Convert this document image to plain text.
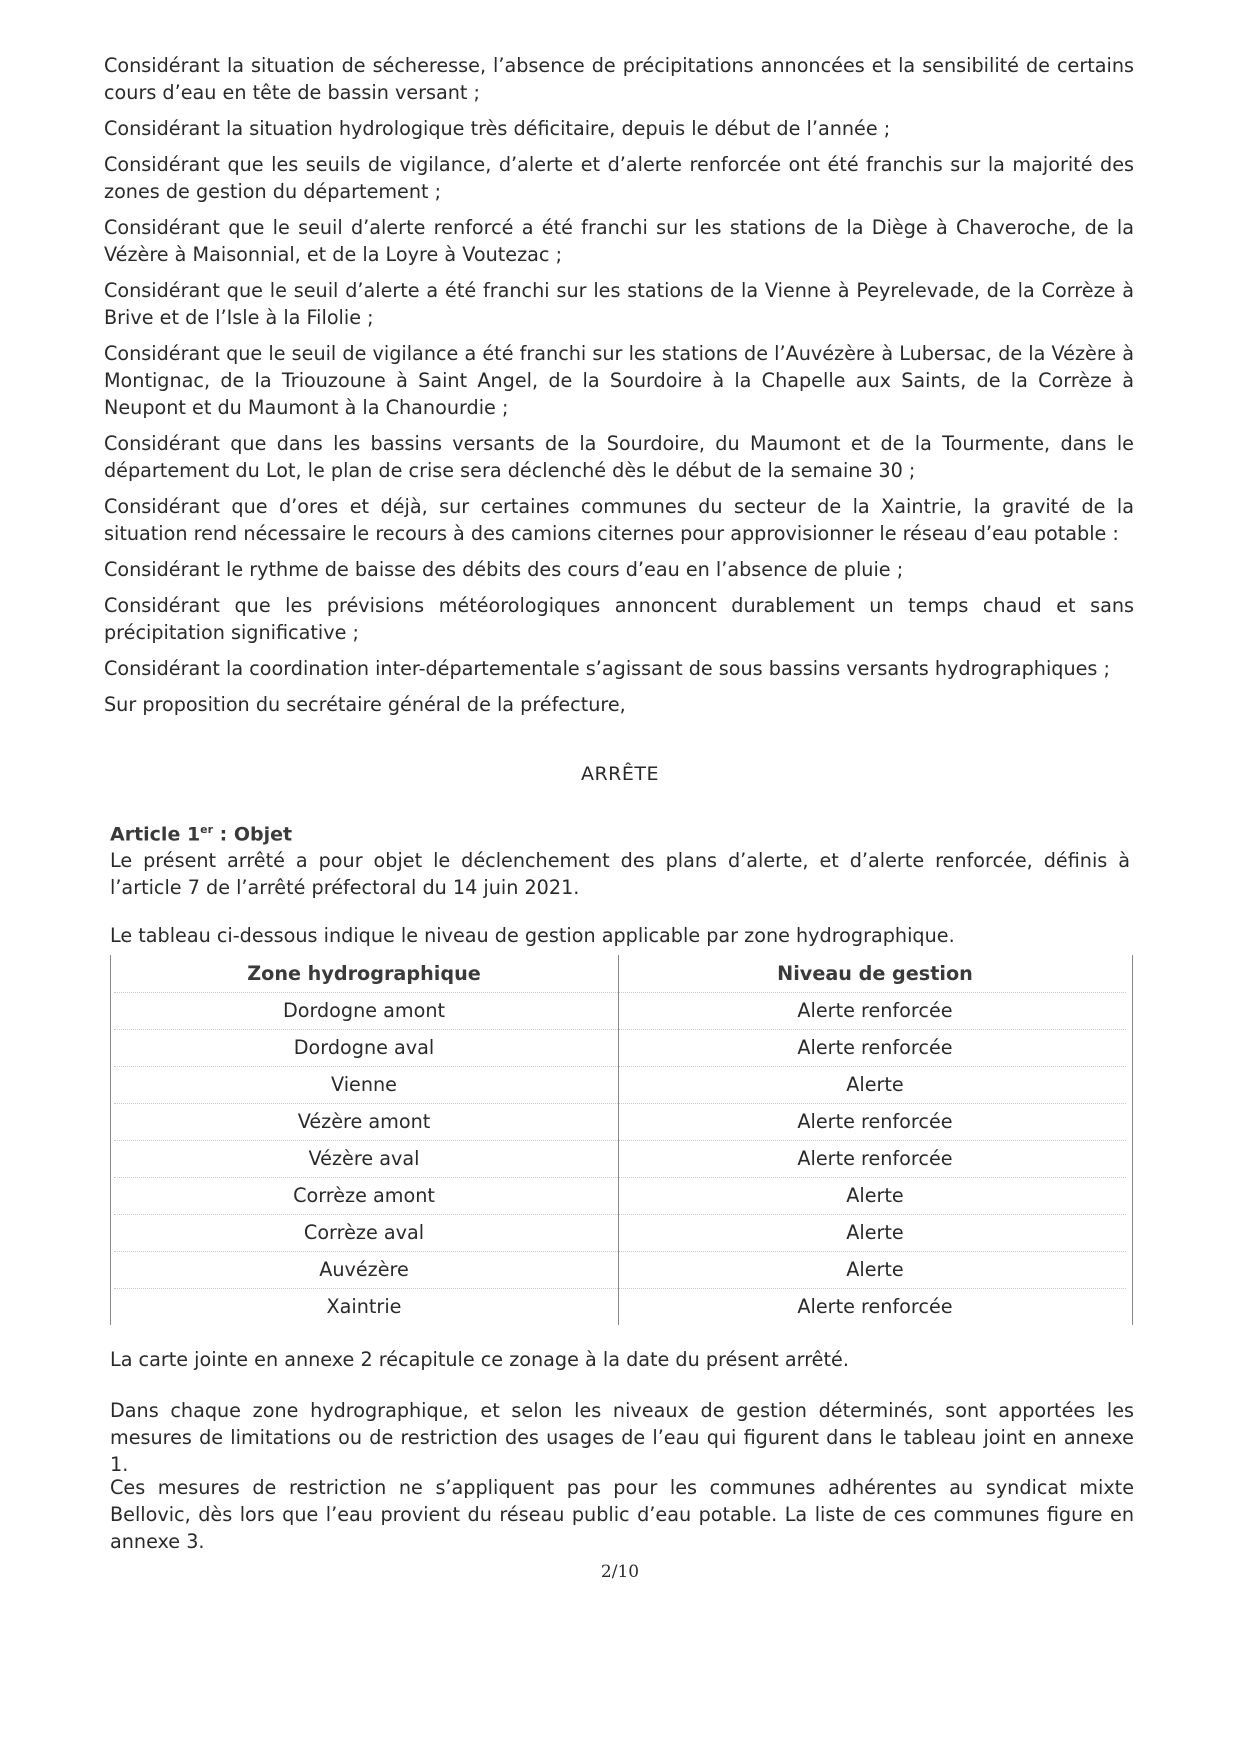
Considérant la situation de sécheresse, l’absence de précipitations annoncées et la sensibilité de certains cours d’eau en tête de bassin versant ;

Considérant la situation hydrologique très déficitaire, depuis le début de l’année ;

Considérant que les seuils de vigilance, d’alerte et d’alerte renforcée ont été franchis sur la majorité des zones de gestion du département ;

Considérant que le seuil d’alerte renforcé a été franchi sur les stations de la Diège à Chaveroche, de la Vézère à Maisonnial, et de la Loyre à Voutezac ;

Considérant que le seuil d’alerte a été franchi sur les stations de la Vienne à Peyrelevade, de la Corrèze à Brive et de l’Isle à la Filolie ;

Considérant que le seuil de vigilance a été franchi sur les stations de l’Auvézère à Lubersac, de la Vézère à Montignac, de la Triouzoune à Saint Angel, de la Sourdoire à la Chapelle aux Saints, de la Corrèze à Neupont et du Maumont à la Chanourdie ;

Considérant que dans les bassins versants de la Sourdoire, du Maumont et de la Tourmente, dans le département du Lot, le plan de crise sera déclenché dès le début de la semaine 30 ;

Considérant que d’ores et déjà, sur certaines communes du secteur de la Xaintrie, la gravité de la situation rend nécessaire le recours à des camions citernes pour approvisionner le réseau d’eau potable :

Considérant le rythme de baisse des débits des cours d’eau en l’absence de pluie ;

Considérant que les prévisions météorologiques annoncent durablement un temps chaud et sans précipitation significative ;

Considérant la coordination inter-départementale s’agissant de sous bassins versants hydrographiques ;

Sur proposition du secrétaire général de la préfecture,

ARRÊTE

Article 1er : Objet

Le présent arrêté a pour objet le déclenchement des plans d’alerte, et d’alerte renforcée, définis à l’article 7 de l’arrêté préfectoral du 14 juin 2021.

Le tableau ci-dessous indique le niveau de gestion applicable par zone hydrographique.

Zone hydrographique	Niveau de gestion
Dordogne amont	Alerte renforcée
Dordogne aval	Alerte renforcée
Vienne	Alerte
Vézère amont	Alerte renforcée
Vézère aval	Alerte renforcée
Corrèze amont	Alerte
Corrèze aval	Alerte
Auvézère	Alerte
Xaintrie	Alerte renforcée

La carte jointe en annexe 2 récapitule ce zonage à la date du présent arrêté.

Dans chaque zone hydrographique, et selon les niveaux de gestion déterminés, sont apportées les mesures de limitations ou de restriction des usages de l’eau qui figurent dans le tableau joint en annexe 1.

Ces mesures de restriction ne s’appliquent pas pour les communes adhérentes au syndicat mixte Bellovic, dès lors que l’eau provient du réseau public d’eau potable. La liste de ces communes figure en annexe 3.

2/10
